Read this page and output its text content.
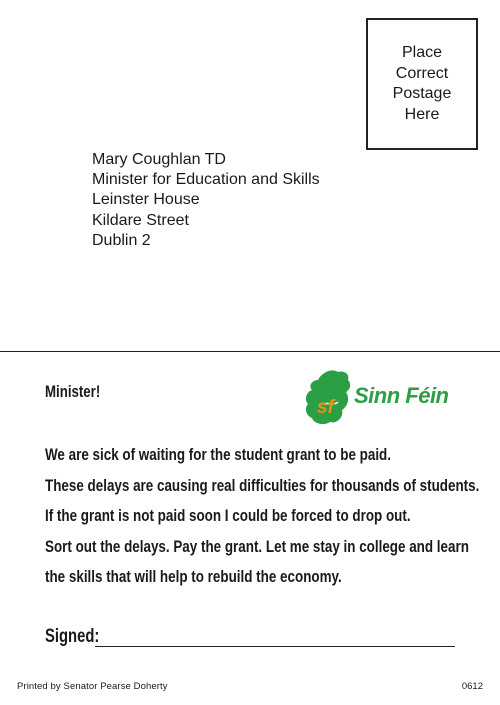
Place
Correct
Postage
Here
Mary Coughlan TD
Minister for Education and Skills
Leinster House
Kildare Street
Dublin 2
Minister!
sf Sinn Féin
We are sick of waiting for the student grant to be paid.
These delays are causing real difficulties for thousands of students.
If the grant is not paid soon I could be forced to drop out.
Sort out the delays. Pay the grant. Let me stay in college and learn
the skills that will help to rebuild the economy.
Signed:
Printed by Senator Pearse Doherty	0612
